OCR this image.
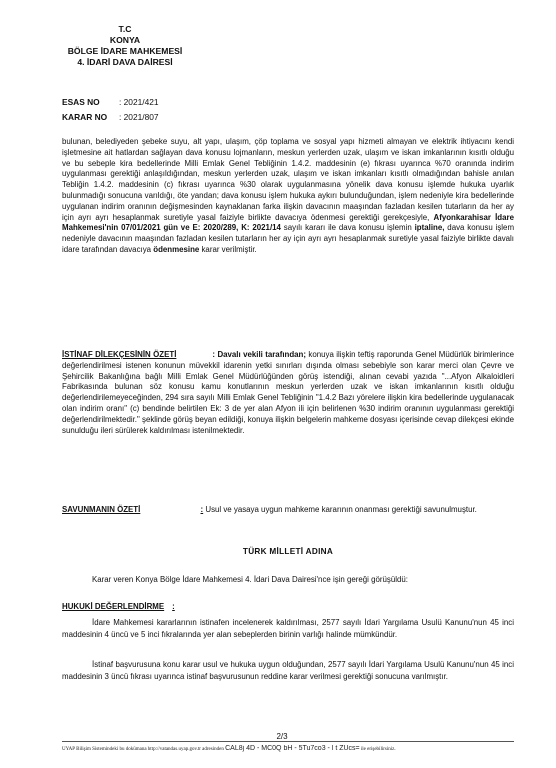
T.C
KONYA
BÖLGE İDARE MAHKEMESİ
4. İDARİ DAVA DAİRESİ
ESAS NO : 2021/421
KARAR NO : 2021/807

bulunan, belediyeden şebeke suyu, alt yapı, ulaşım, çöp toplama ve sosyal yapı hizmeti almayan ve elektrik ihtiyacını kendi işletmesine ait hatlardan sağlayan dava konusu lojmanların, meskun yerlerden uzak, ulaşım ve iskan imkanlarının kısıtlı olduğu ve bu sebeple kira bedellerinde Milli Emlak Genel Tebliğinin 1.4.2. maddesinin (e) fıkrası uyarınca %70 oranında indirim uygulanması gerektiği anlaşıldığından, meskun yerlerden uzak, ulaşım ve iskan imkanları kısıtlı olmadığından bahisle anılan Tebliğin 1.4.2. maddesinin (c) fıkrası uyarınca %30 olarak uygulanmasına yönelik dava konusu işlemde hukuka uyarlık bulunmadığı sonucuna varıldığı, öte yandan; dava konusu işlem hukuka aykırı bulunduğundan, işlem nedeniyle kira bedellerinde uygulanan indirim oranının değişmesinden kaynaklanan farka ilişkin davacının maaşından fazladan kesilen tutarların da her ay için ayrı ayrı hesaplanmak suretiyle yasal faiziyle birlikte davacıya ödenmesi gerektiği gerekçesiyle, Afyonkarahisar İdare Mahkemesi'nin 07/01/2021 gün ve E: 2020/289, K: 2021/14 sayılı kararı ile dava konusu işlemin iptaline, dava konusu işlem nedeniyle davacının maaşından fazladan kesilen tutarların her ay için ayrı ayrı hesaplanmak suretiyle yasal faiziyle birlikte davalı idare tarafından davacıya ödenmesine karar verilmiştir.

İSTİNAF DİLEKÇESİNİN ÖZETİ	: Davalı vekili tarafından; konuya ilişkin teftiş raporunda Genel Müdürlük birimlerince değerlendirilmesi istenen konunun müvekkil idarenin yetki sınırları dışında olması sebebiyle son karar merci olan Çevre ve Şehircilik Bakanlığına bağlı Milli Emlak Genel Müdürlüğünden görüş istendiği, alınan cevabi yazıda "...Afyon Alkaloidleri Fabrikasında bulunan söz konusu kamu konutlarının meskun yerlerden uzak ve iskan imkanlarının kısıtlı olduğu değerlendirilemeyeceğinden, 294 sıra sayılı Milli Emlak Genel Tebliğinin "1.4.2 Bazı yörelere ilişkin kira bedellerinde uygulanacak olan indirim oranı" (c) bendinde belirtilen Ek: 3 de yer alan Afyon ili için belirlenen %30 indirim oranının uygulanması gerektiği değerlendirilmektedir." şeklinde görüş beyan edildiği, konuya ilişkin belgelerin mahkeme dosyası içerisinde cevap dilekçesi ekinde sunulduğu ileri sürülerek kaldırılması istenilmektedir.

SAVUNMANIN ÖZETİ	: Usul ve yasaya uygun mahkeme kararının onanması gerektiği savunulmuştur.

TÜRK MİLLETİ ADINA
Karar veren Konya Bölge İdare Mahkemesi 4. İdari Dava Dairesi'nce işin gereği görüşüldü:
HUKUKİ DEĞERLENDİRME :

İdare Mahkemesi kararlarının istinafen incelenerek kaldırılması, 2577 sayılı İdari Yargılama Usulü Kanunu'nun 45 inci maddesinin 4 üncü ve 5 inci fıkralarında yer alan sebeplerden birinin varlığı halinde mümkündür.

İstinaf başvurusuna konu karar usul ve hukuka uygun olduğundan, 2577 sayılı İdari Yargılama Usulü Kanunu'nun 45 inci maddesinin 3 üncü fıkrası uyarınca istinaf başvurusunun reddine karar verilmesi gerektiği sonucuna varılmıştır.

2/3
UYAP Bilişim Sistemindeki bu dokümana http://vatandas.uyap.gov.tr adresinden CAL8j 4D - MC0Q bH - 5Tu7co3 - l t ZUcs= ile erişebilirsiniz.
